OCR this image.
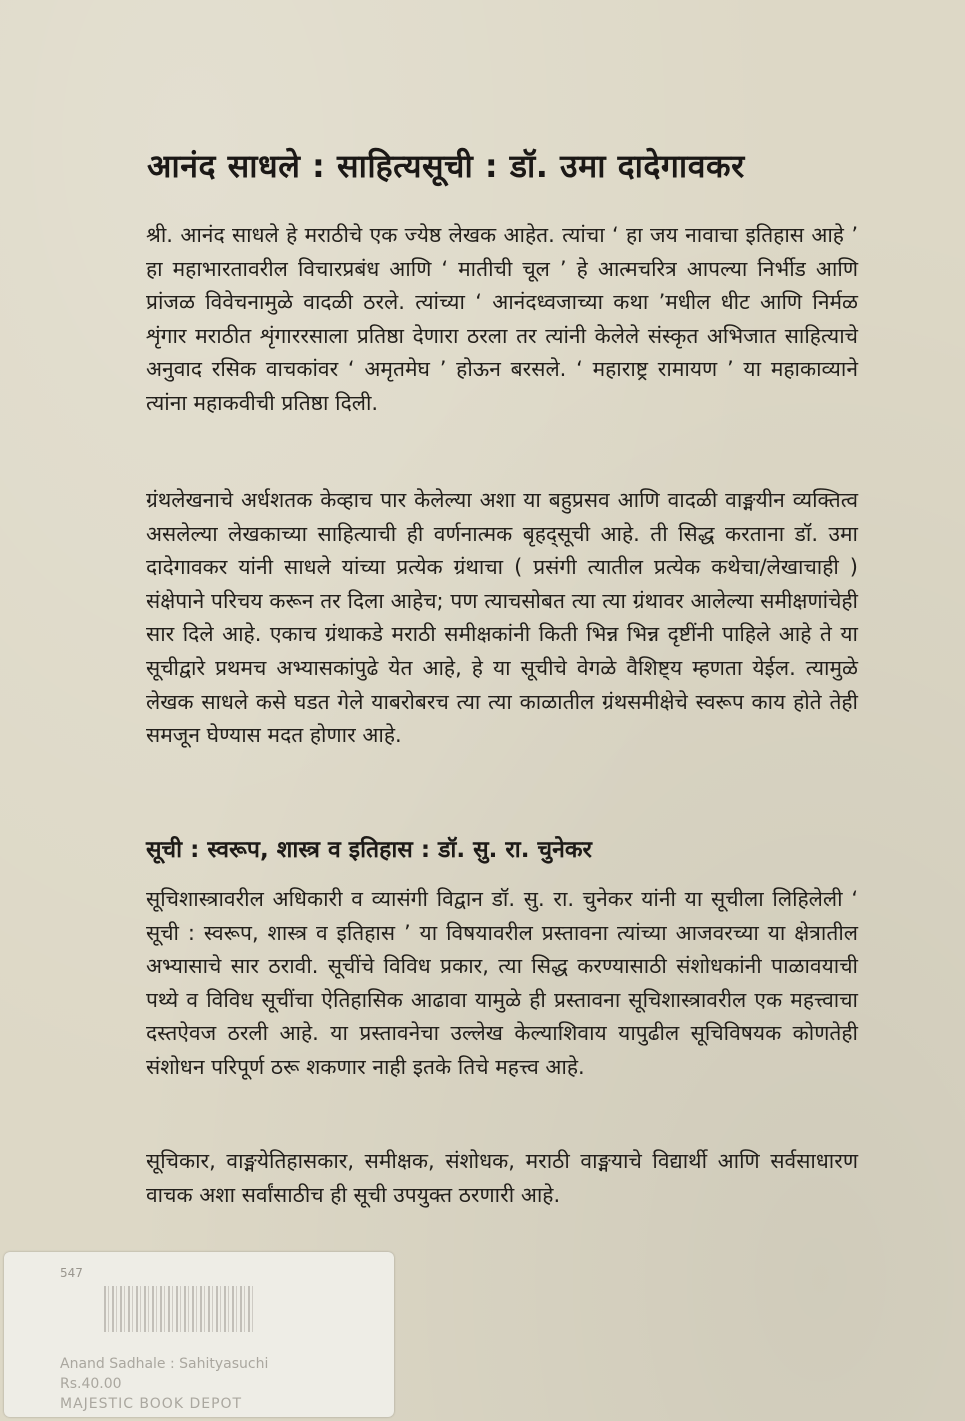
आनंद साधले : साहित्यसूची : डॉ. उमा दादेगावकर

श्री. आनंद साधले हे मराठीचे एक ज्येष्ठ लेखक आहेत. त्यांचा ‘ हा जय नावाचा इतिहास आहे ’ हा महाभारतावरील विचारप्रबंध आणि ‘ मातीची चूल ’ हे आत्मचरित्र आपल्या निर्भीड आणि प्रांजळ विवेचनामुळे वादळी ठरले. त्यांच्या ‘ आनंदध्वजाच्या कथा ’मधील धीट आणि निर्मळ शृंगार मराठीत शृंगाररसाला प्रतिष्ठा देणारा ठरला तर त्यांनी केलेले संस्कृत अभिजात साहित्याचे अनुवाद रसिक वाचकांवर ‘ अमृतमेघ ’ होऊन बरसले. ‘ महाराष्ट्र रामायण ’ या महाकाव्याने त्यांना महाकवीची प्रतिष्ठा दिली.

ग्रंथलेखनाचे अर्धशतक केव्हाच पार केलेल्या अशा या बहुप्रसव आणि वादळी वाङ्मयीन व्यक्तित्व असलेल्या लेखकाच्या साहित्याची ही वर्णनात्मक बृहद्सूची आहे. ती सिद्ध करताना डॉ. उमा दादेगावकर यांनी साधले यांच्या प्रत्येक ग्रंथाचा ( प्रसंगी त्यातील प्रत्येक कथेचा/लेखाचाही ) संक्षेपाने परिचय करून तर दिला आहेच; पण त्याचसोबत त्या त्या ग्रंथावर आलेल्या समीक्षणांचेही सार दिले आहे. एकाच ग्रंथाकडे मराठी समीक्षकांनी किती भिन्न भिन्न दृष्टींनी पाहिले आहे ते या सूचीद्वारे प्रथमच अभ्यासकांपुढे येत आहे, हे या सूचीचे वेगळे वैशिष्ट्य म्हणता येईल. त्यामुळे लेखक साधले कसे घडत गेले याबरोबरच त्या त्या काळातील ग्रंथसमीक्षेचे स्वरूप काय होते तेही समजून घेण्यास मदत होणार आहे.

सूची : स्वरूप, शास्त्र व इतिहास : डॉ. सु. रा. चुनेकर

सूचिशास्त्रावरील अधिकारी व व्यासंगी विद्वान डॉ. सु. रा. चुनेकर यांनी या सूचीला लिहिलेली ‘ सूची : स्वरूप, शास्त्र व इतिहास ’ या विषयावरील प्रस्तावना त्यांच्या आजवरच्या या क्षेत्रातील अभ्यासाचे सार ठरावी. सूचींचे विविध प्रकार, त्या सिद्ध करण्यासाठी संशोधकांनी पाळावयाची पथ्ये व विविध सूचींचा ऐतिहासिक आढावा यामुळे ही प्रस्तावना सूचिशास्त्रावरील एक महत्त्वाचा दस्तऐवज ठरली आहे. या प्रस्तावनेचा उल्लेख केल्याशिवाय यापुढील सूचिविषयक कोणतेही संशोधन परिपूर्ण ठरू शकणार नाही इतके तिचे महत्त्व आहे.

सूचिकार, वाङ्मयेतिहासकार, समीक्षक, संशोधक, मराठी वाङ्मयाचे विद्यार्थी आणि सर्वसाधारण वाचक अशा सर्वांसाठीच ही सूची उपयुक्त ठरणारी आहे.

547
Anand Sadhale : Sahityasuchi
Rs.40.00
MAJESTIC BOOK DEPOT
